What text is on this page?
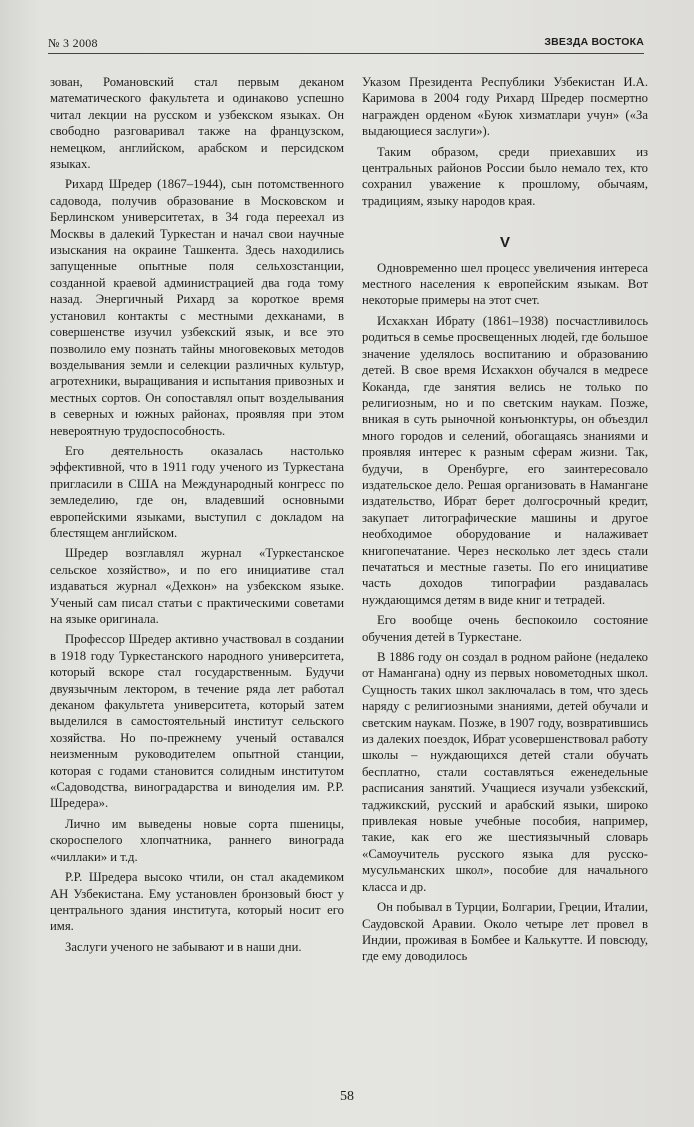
№ 3 2008	ЗВЕЗДА ВОСТОКА

зован, Романовский стал первым деканом математического факультета и одинаково успешно читал лекции на русском и узбекском языках. Он свободно разговаривал также на французском, немецком, английском, арабском и персидском языках.

Рихард Шредер (1867–1944), сын потомственного садовода, получив образование в Московском и Берлинском университетах, в 34 года переехал из Москвы в далекий Туркестан и начал свои научные изыскания на окраине Ташкента. Здесь находились запущенные опытные поля сельхозстанции, созданной краевой администрацией два года тому назад. Энергичный Рихард за короткое время установил контакты с местными дехканами, в совершенстве изучил узбекский язык, и все это позволило ему познать тайны многовековых методов возделывания земли и селекции различных культур, агротехники, выращивания и испытания привозных и местных сортов. Он сопоставлял опыт возделывания в северных и южных районах, проявляя при этом невероятную трудоспособность.

Его деятельность оказалась настолько эффективной, что в 1911 году ученого из Туркестана пригласили в США на Международный конгресс по земледелию, где он, владевший основными европейскими языками, выступил с докладом на блестящем английском.

Шредер возглавлял журнал «Туркестанское сельское хозяйство», и по его инициативе стал издаваться журнал «Дехкон» на узбекском языке. Ученый сам писал статьи с практическими советами на языке оригинала.

Профессор Шредер активно участвовал в создании в 1918 году Туркестанского народного университета, который вскоре стал государственным. Будучи двуязычным лектором, в течение ряда лет работал деканом факультета университета, который затем выделился в самостоятельный институт сельского хозяйства. Но по-прежнему ученый оставался неизменным руководителем опытной станции, которая с годами становится солидным институтом «Садоводства, виноградарства и виноделия им. Р.Р. Шредера».

Лично им выведены новые сорта пшеницы, скороспелого хлопчатника, раннего винограда «чиллаки» и т.д.

Р.Р. Шредера высоко чтили, он стал академиком АН Узбекистана. Ему установлен бронзовый бюст у центрального здания института, который носит его имя.

Заслуги ученого не забывают и в наши дни.

Указом Президента Республики Узбекистан И.А. Каримова в 2004 году Рихард Шредер посмертно награжден орденом «Буюк хизматлари учун» («За выдающиеся заслуги»).

Таким образом, среди приехавших из центральных районов России было немало тех, кто сохранил уважение к прошлому, обычаям, традициям, языку народов края.

V

Одновременно шел процесс увеличения интереса местного населения к европейским языкам. Вот некоторые примеры на этот счет.

Исхакхан Ибрату (1861–1938) посчастливилось родиться в семье просвещенных людей, где большое значение уделялось воспитанию и образованию детей. В свое время Исхакхон обучался в медресе Коканда, где занятия велись не только по религиозным, но и по светским наукам. Позже, вникая в суть рыночной конъюнктуры, он объездил много городов и селений, обогащаясь знаниями и проявляя интерес к разным сферам жизни. Так, будучи, в Оренбурге, его заинтересовало издательское дело. Решая организовать в Намангане издательство, Ибрат берет долгосрочный кредит, закупает литографические машины и другое необходимое оборудование и налаживает книгопечатание. Через несколько лет здесь стали печататься и местные газеты. По его инициативе часть доходов типографии раздавалась нуждающимся детям в виде книг и тетрадей.

Его вообще очень беспокоило состояние обучения детей в Туркестане.

В 1886 году он создал в родном районе (недалеко от Намангана) одну из первых новометодных школ. Сущность таких школ заключалась в том, что здесь наряду с религиозными знаниями, детей обучали и светским наукам. Позже, в 1907 году, возвратившись из далеких поездок, Ибрат усовершенствовал работу школы – нуждающихся детей стали обучать бесплатно, стали составляться еженедельные расписания занятий. Учащиеся изучали узбекский, таджикский, русский и арабский языки, широко привлекая новые учебные пособия, например, такие, как его же шестиязычный словарь «Самоучитель русского языка для русско-мусульманских школ», пособие для начального класса и др.

Он побывал в Турции, Болгарии, Греции, Италии, Саудовской Аравии. Около четыре лет провел в Индии, проживая в Бомбее и Калькутте. И повсюду, где ему доводилось

58
